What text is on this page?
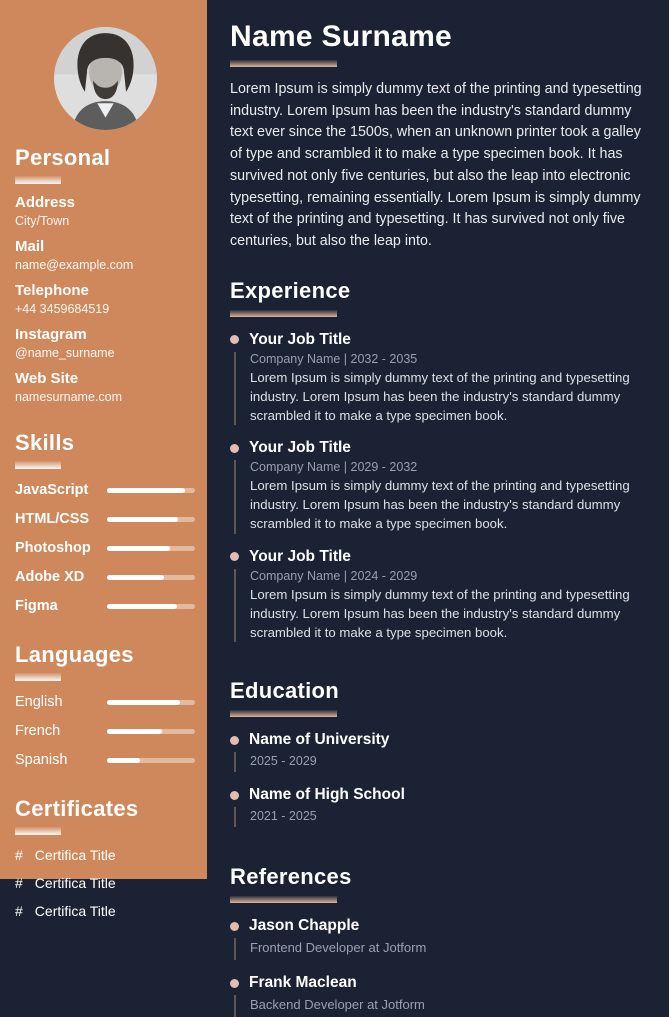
Personal
Address
City/Town
Mail
name@example.com
Telephone
+44 3459684519
Instagram
@name_surname
Web Site
namesurname.com
Skills
JavaScript
HTML/CSS
Photoshop
Adobe XD
Figma
Languages
English
French
Spanish
Certificates
# Certifica Title
# Certifica Title
# Certifica Title
Name Surname

Lorem Ipsum is simply dummy text of the printing and typesetting industry. Lorem Ipsum has been the industry's standard dummy text ever since the 1500s, when an unknown printer took a galley of type and scrambled it to make a type specimen book. It has survived not only five centuries, but also the leap into electronic typesetting, remaining essentially. Lorem Ipsum is simply dummy text of the printing and typesetting. It has survived not only five centuries, but also the leap into.

Experience
Your Job Title
Company Name | 2032 - 2035

Lorem Ipsum is simply dummy text of the printing and typesetting industry. Lorem Ipsum has been the industry's standard dummy scrambled it to make a type specimen book.

Your Job Title
Company Name | 2029 - 2032

Lorem Ipsum is simply dummy text of the printing and typesetting industry. Lorem Ipsum has been the industry's standard dummy scrambled it to make a type specimen book.

Your Job Title
Company Name | 2024 - 2029

Lorem Ipsum is simply dummy text of the printing and typesetting industry. Lorem Ipsum has been the industry's standard dummy scrambled it to make a type specimen book.

Education
Name of University
2025 - 2029
Name of High School
2021 - 2025
References
Jason Chapple
Frontend Developer at Jotform
Frank Maclean
Backend Developer at Jotform
